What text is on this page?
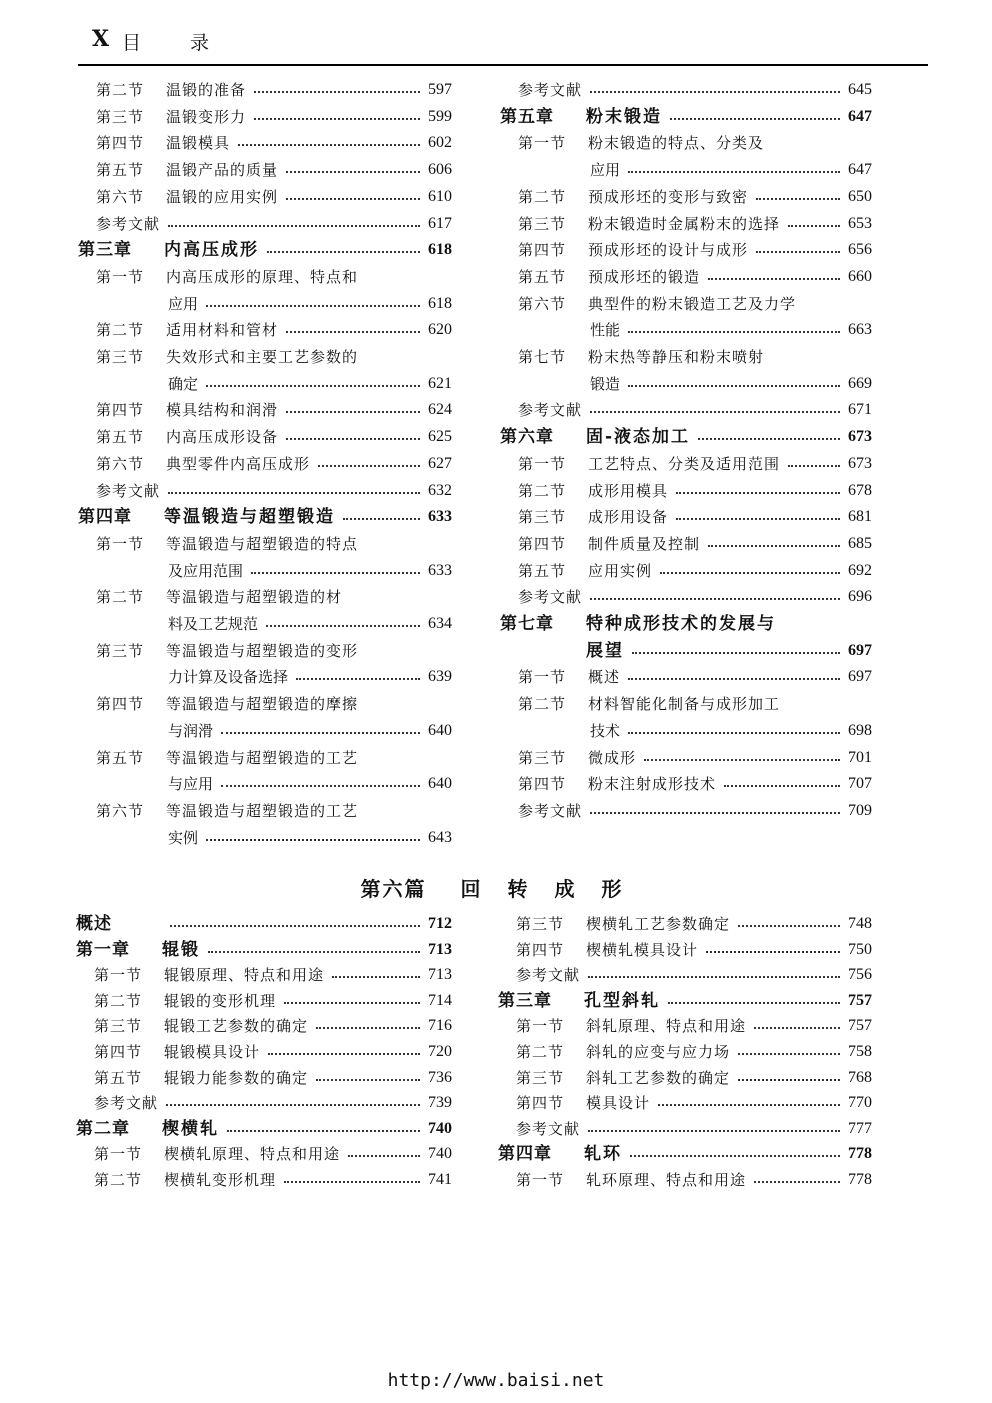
X 目	录
第二节	温锻的准备	597
第三节	温锻变形力	599
第四节	温锻模具	602
第五节	温锻产品的质量	606
第六节	温锻的应用实例	610
参考文献	617
第三章	内高压成形	618
第一节	内高压成形的原理、特点和
应用	618
第二节	适用材料和管材	620
第三节	失效形式和主要工艺参数的
确定	621
第四节	模具结构和润滑	624
第五节	内高压成形设备	625
第六节	典型零件内高压成形	627
参考文献	632
第四章	等温锻造与超塑锻造	633
第一节	等温锻造与超塑锻造的特点
及应用范围	633
第二节	等温锻造与超塑锻造的材
料及工艺规范	634
第三节	等温锻造与超塑锻造的变形
力计算及设备选择	639
第四节	等温锻造与超塑锻造的摩擦
与润滑	640
第五节	等温锻造与超塑锻造的工艺
与应用	640
第六节	等温锻造与超塑锻造的工艺
实例	643
参考文献	645
第五章	粉末锻造	647
第一节	粉末锻造的特点、分类及
应用	647
第二节	预成形坯的变形与致密	650
第三节	粉末锻造时金属粉末的选择	653
第四节	预成形坯的设计与成形	656
第五节	预成形坯的锻造	660
第六节	典型件的粉末锻造工艺及力学
性能	663
第七节	粉末热等静压和粉末喷射
锻造	669
参考文献	671
第六章	固-液态加工	673
第一节	工艺特点、分类及适用范围	673
第二节	成形用模具	678
第三节	成形用设备	681
第四节	制件质量及控制	685
第五节	应用实例	692
参考文献	696
第七章	特种成形技术的发展与
展望	697
第一节	概述	697
第二节	材料智能化制备与成形加工
技术	698
第三节	微成形	701
第四节	粉末注射成形技术	707
参考文献	709
第六篇 回 转 成 形
概述	712
第一章	辊锻	713
第一节	辊锻原理、特点和用途	713
第二节	辊锻的变形机理	714
第三节	辊锻工艺参数的确定	716
第四节	辊锻模具设计	720
第五节	辊锻力能参数的确定	736
参考文献	739
第二章	楔横轧	740
第一节	楔横轧原理、特点和用途	740
第二节	楔横轧变形机理	741
第三节	楔横轧工艺参数确定	748
第四节	楔横轧模具设计	750
参考文献	756
第三章	孔型斜轧	757
第一节	斜轧原理、特点和用途	757
第二节	斜轧的应变与应力场	758
第三节	斜轧工艺参数的确定	768
第四节	模具设计	770
参考文献	777
第四章	轧环	778
第一节	轧环原理、特点和用途	778
http://www.baisi.net
